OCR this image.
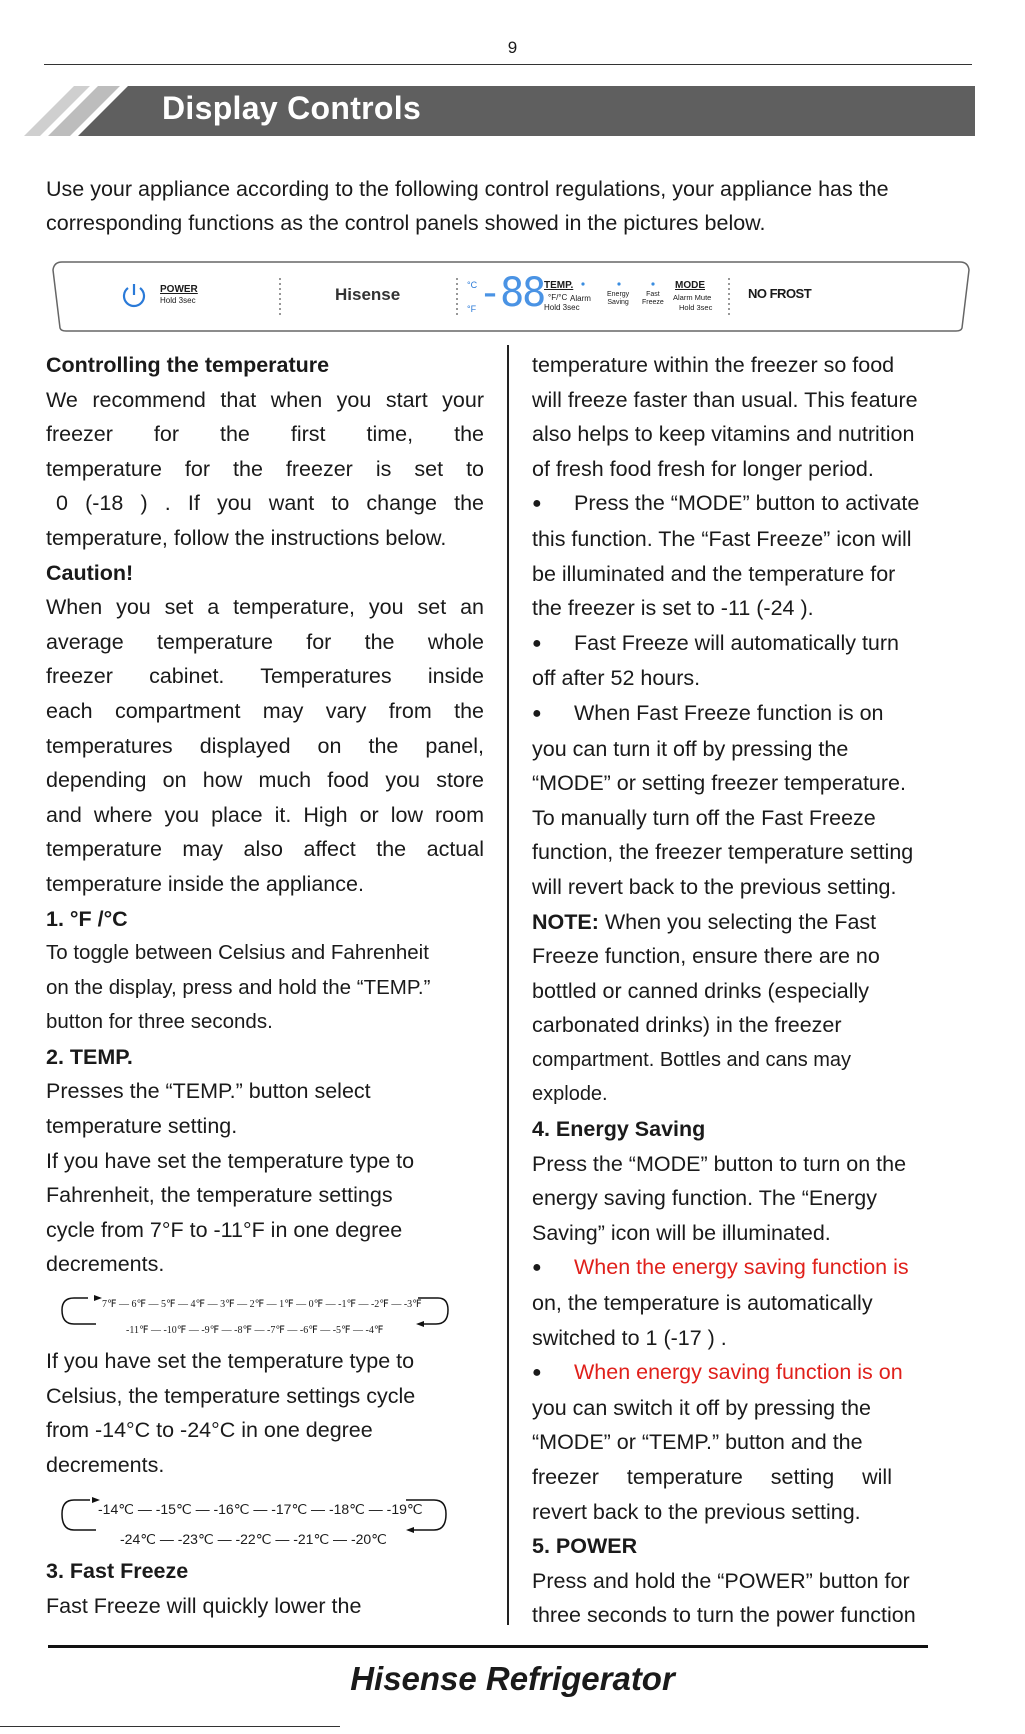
9
Display Controls
Use your appliance according to the following control regulations, your appliance has the corresponding functions as the control panels showed in the pictures below.
POWER
Hold 3sec	Hisense	°C
°F -88 TEMP.
°F/°C
Hold 3sec
Alarm Energy
Saving
Fast
Freeze
MODE
Alarm Mute
Hold 3sec
NO FROST

Controlling the temperature

We recommend that when you start your

freezer for the first time, the

temperature for the freezer is set to

0 (-18 ) . If you want to change the

temperature, follow the instructions below.

Caution!

When you set a temperature, you set an

average temperature for the whole

freezer cabinet. Temperatures inside

each compartment may vary from the

temperatures displayed on the panel,

depending on how much food you store

and where you place it. High or low room

temperature may also affect the actual

temperature inside the appliance.

1. °F /°C

To toggle between Celsius and Fahrenheit

on the display, press and hold the “TEMP.”

button for three seconds.

2. TEMP.

Presses the “TEMP.” button select

temperature setting.

If you have set the temperature type to

Fahrenheit, the temperature settings

cycle from 7°F to -11°F in one degree

decrements.

7℉ — 6℉ — 5℉ — 4℉ — 3℉ — 2℉ — 1℉ — 0℉ — -1℉ — -2℉ — -3℉
-11℉ — -10℉ — -9℉ — -8℉ — -7℉ — -6℉ — -5℉ — -4℉

If you have set the temperature type to

Celsius, the temperature settings cycle

from -14°C to -24°C in one degree

decrements.

-14℃ — -15℃ — -16℃ — -17℃ — -18℃ — -19℃
-24℃ — -23℃ — -22℃ — -21℃ — -20℃

3. Fast Freeze

Fast Freeze will quickly lower the

temperature within the freezer so food

will freeze faster than usual. This feature

also helps to keep vitamins and nutrition

of fresh food fresh for longer period.

● Press the “MODE” button to activate

this function. The “Fast Freeze” icon will

be illuminated and the temperature for

the freezer is set to -11 (-24 ).

● Fast Freeze will automatically turn

off after 52 hours.

● When Fast Freeze function is on

you can turn it off by pressing the

“MODE” or setting freezer temperature.

To manually turn off the Fast Freeze

function, the freezer temperature setting

will revert back to the previous setting.

NOTE: When you selecting the Fast

Freeze function, ensure there are no

bottled or canned drinks (especially

carbonated drinks) in the freezer

compartment. Bottles and cans may

explode.

4. Energy Saving

Press the “MODE” button to turn on the

energy saving function. The “Energy

Saving” icon will be illuminated.

● When the energy saving function is

on, the temperature is automatically

switched to 1 (-17 ) .

● When energy saving function is on

you can switch it off by pressing the

“MODE” or “TEMP.” button and the

freezer temperature setting will

revert back to the previous setting.

5. POWER

Press and hold the “POWER” button for

three seconds to turn the power function

Hisense Refrigerator
